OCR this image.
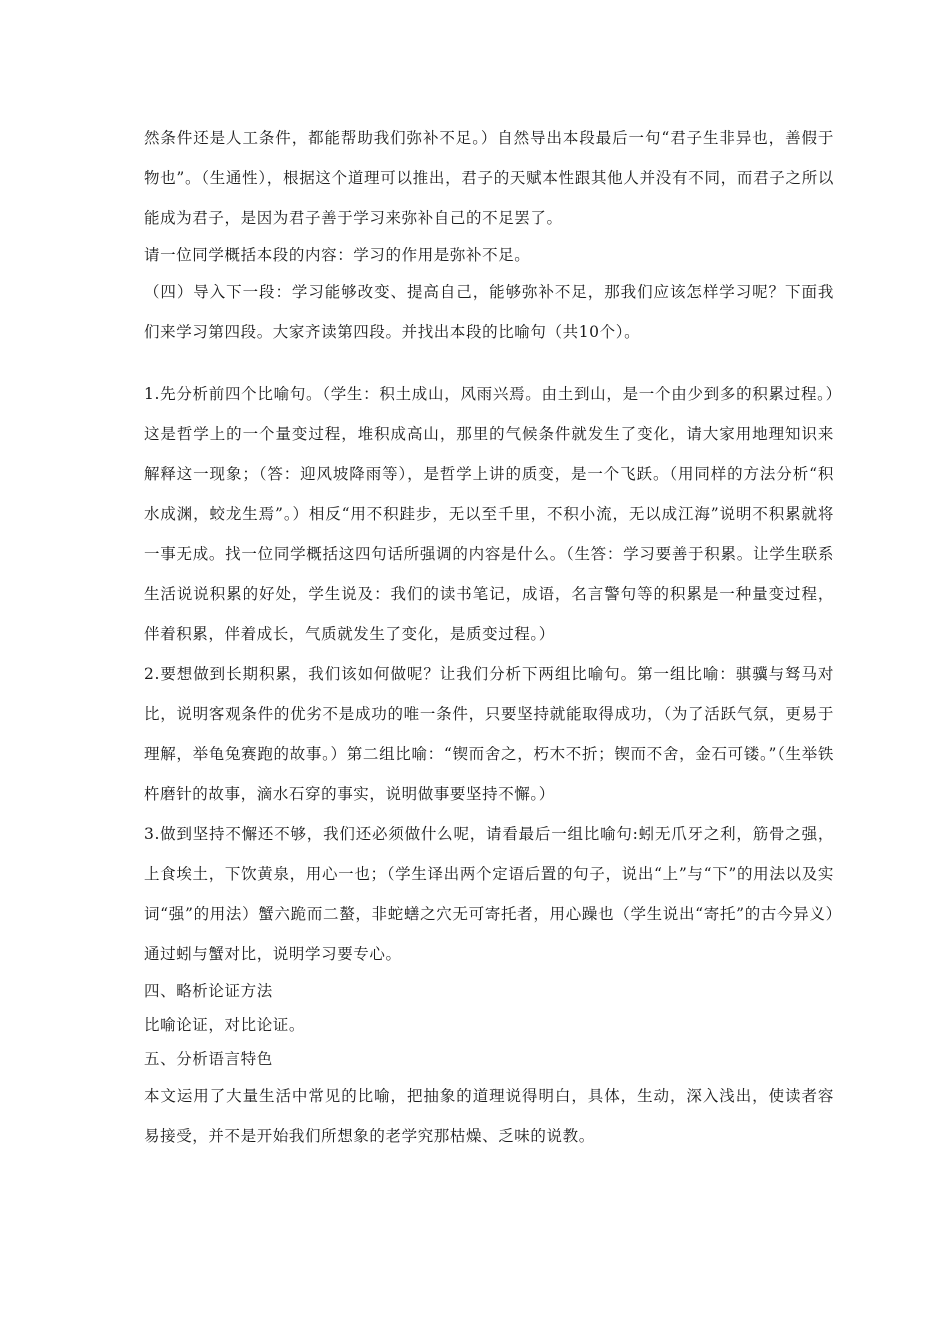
然条件还是人工条件，都能帮助我们弥补不足。）自然导出本段最后一句“君子生非异也，善假于物也”。（生通性），根据这个道理可以推出，君子的天赋本性跟其他人并没有不同，而君子之所以能成为君子，是因为君子善于学习来弥补自己的不足罢了。

请一位同学概括本段的内容：学习的作用是弥补不足。

（四）导入下一段：学习能够改变、提高自己，能够弥补不足，那我们应该怎样学习呢？下面我们来学习第四段。大家齐读第四段。并找出本段的比喻句（共10个）。

1.先分析前四个比喻句。（学生：积土成山，风雨兴焉。由土到山，是一个由少到多的积累过程。）这是哲学上的一个量变过程，堆积成高山，那里的气候条件就发生了变化，请大家用地理知识来解释这一现象；（答：迎风坡降雨等），是哲学上讲的质变，是一个飞跃。（用同样的方法分析“积水成渊，蛟龙生焉”。）相反“用不积跬步，无以至千里，不积小流，无以成江海”说明不积累就将一事无成。找一位同学概括这四句话所强调的内容是什么。（生答：学习要善于积累。让学生联系生活说说积累的好处，学生说及：我们的读书笔记，成语，名言警句等的积累是一种量变过程，伴着积累，伴着成长，气质就发生了变化，是质变过程。）

2.要想做到长期积累，我们该如何做呢？让我们分析下两组比喻句。第一组比喻：骐骥与驽马对比，说明客观条件的优劣不是成功的唯一条件，只要坚持就能取得成功，（为了活跃气氛，更易于理解，举龟兔赛跑的故事。）第二组比喻：“锲而舍之，朽木不折；锲而不舍，金石可镂。”（生举铁杵磨针的故事，滴水石穿的事实，说明做事要坚持不懈。）

3.做到坚持不懈还不够，我们还必须做什么呢，请看最后一组比喻句:蚓无爪牙之利，筋骨之强，上食埃土，下饮黄泉，用心一也；（学生译出两个定语后置的句子，说出“上”与“下”的用法以及实词“强”的用法）蟹六跪而二螯，非蛇蟮之穴无可寄托者，用心躁也（学生说出“寄托”的古今异义）通过蚓与蟹对比，说明学习要专心。

四、略析论证方法

比喻论证，对比论证。

五、分析语言特色

本文运用了大量生活中常见的比喻，把抽象的道理说得明白，具体，生动，深入浅出，使读者容易接受，并不是开始我们所想象的老学究那枯燥、乏味的说教。
